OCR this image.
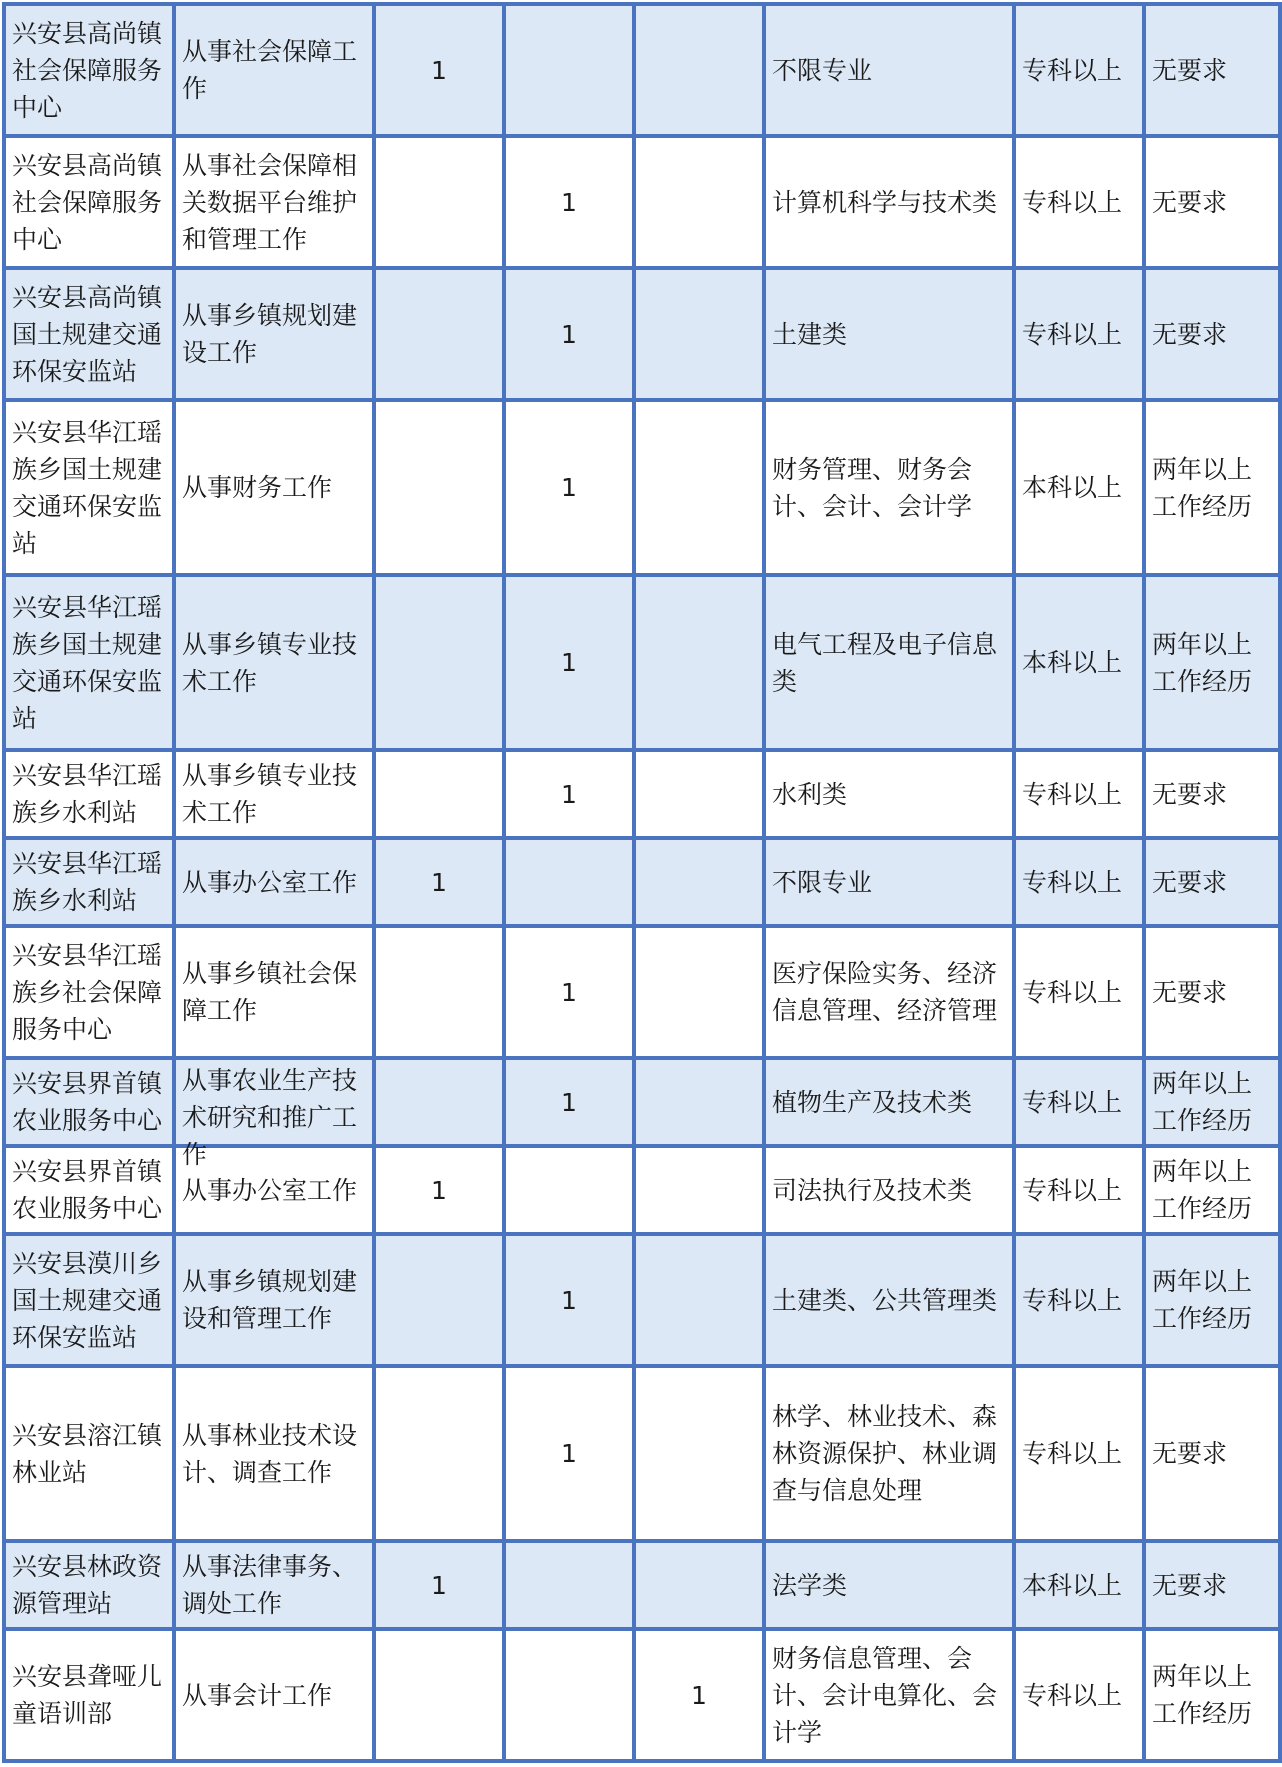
兴安县高尚镇社会保障服务中心	从事社会保障工作	1			不限专业	专科以上	无要求

兴安县高尚镇社会保障服务中心	从事社会保障相关数据平台维护和管理工作		1		计算机科学与技术类	专科以上	无要求

兴安县高尚镇国土规建交通环保安监站	从事乡镇规划建设工作		1		土建类	专科以上	无要求

兴安县华江瑶族乡国土规建交通环保安监站	从事财务工作		1		财务管理、财务会计、会计、会计学	本科以上	两年以上工作经历

兴安县华江瑶族乡国土规建交通环保安监站	从事乡镇专业技术工作		1		电气工程及电子信息类	本科以上	两年以上工作经历

兴安县华江瑶族乡水利站	从事乡镇专业技术工作		1		水利类	专科以上	无要求

兴安县华江瑶族乡水利站	从事办公室工作	1			不限专业	专科以上	无要求

兴安县华江瑶族乡社会保障服务中心	从事乡镇社会保障工作		1		医疗保险实务、经济信息管理、经济管理	专科以上	无要求

兴安县界首镇农业服务中心	从事农业生产技术研究和推广工作		1		植物生产及技术类	专科以上	两年以上工作经历

兴安县界首镇农业服务中心	从事办公室工作	1			司法执行及技术类	专科以上	两年以上工作经历

兴安县漠川乡国土规建交通环保安监站	从事乡镇规划建设和管理工作		1		土建类、公共管理类	专科以上	两年以上工作经历

兴安县溶江镇林业站	从事林业技术设计、调查工作		1		林学、林业技术、森林资源保护、林业调查与信息处理	专科以上	无要求

兴安县林政资源管理站	从事法律事务、调处工作	1			法学类	本科以上	无要求

兴安县聋哑儿童语训部	从事会计工作			1	财务信息管理、会计、会计电算化、会计学	专科以上	两年以上工作经历
